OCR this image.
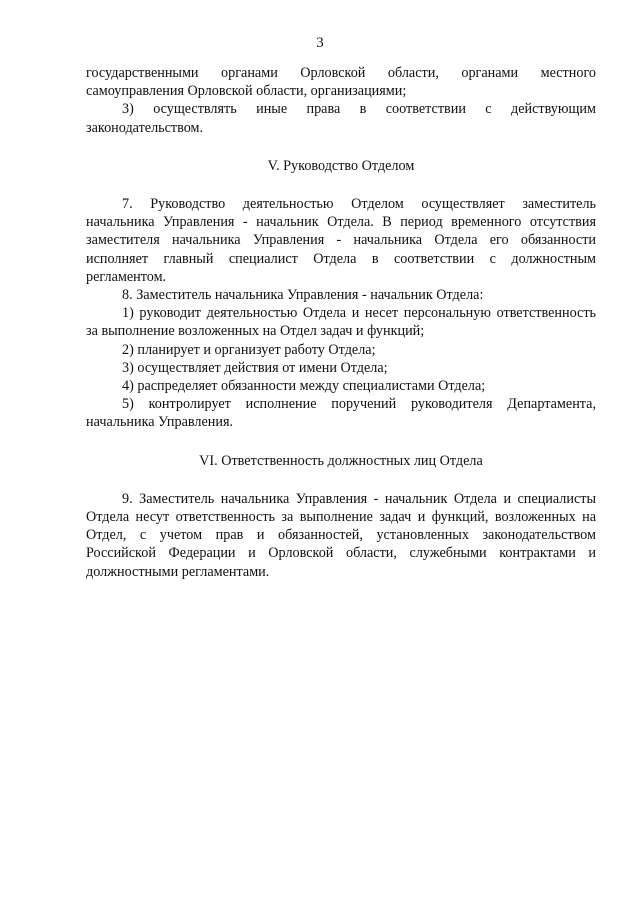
3

государственными органами Орловской области, органами местного самоуправления Орловской области, организациями;

3) осуществлять иные права в соответствии с действующим законодательством.

V. Руководство Отделом

7. Руководство деятельностью Отделом осуществляет заместитель начальника Управления - начальник Отдела. В период временного отсутствия заместителя начальника Управления - начальника Отдела его обязанности исполняет главный специалист Отдела в соответствии с должностным регламентом.

8. Заместитель начальника Управления - начальник Отдела:

1) руководит деятельностью Отдела и несет персональную ответственность за выполнение возложенных на Отдел задач и функций;

2) планирует и организует работу Отдела;

3) осуществляет действия от имени Отдела;

4) распределяет обязанности между специалистами Отдела;

5) контролирует исполнение поручений руководителя Департамента, начальника Управления.

VI. Ответственность должностных лиц Отдела

9. Заместитель начальника Управления - начальник Отдела и специалисты Отдела несут ответственность за выполнение задач и функций, возложенных на Отдел, с учетом прав и обязанностей, установленных законодательством Российской Федерации и Орловской области, служебными контрактами и должностными регламентами.
